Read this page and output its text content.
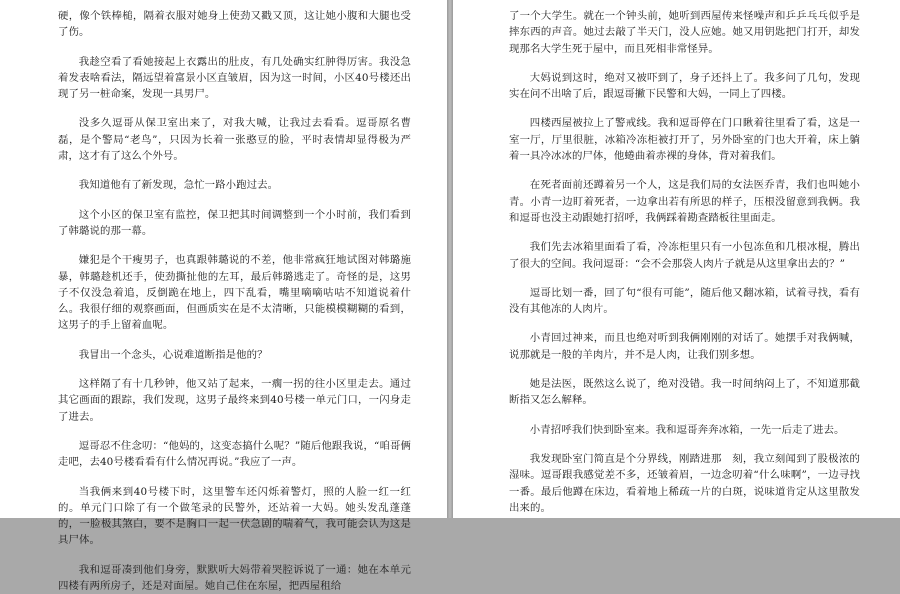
硬，像个铁棒槌，隔着衣服对她身上使劲又戳又顶，这让她小腹和大腿也受了伤。

我趁空看了看她接起上衣露出的肚皮，有几处确实红肿得厉害。我没急着发表啥看法，隔远望着富景小区直皱眉，因为这一时间，小区40号楼还出现了另一桩命案，发现一具男尸。

没多久逗哥从保卫室出来了，对我大喊，让我过去看看。逗哥原名曹磊，是个警局“老鸟”，只因为长着一张憨豆的脸，平时表情却显得极为严肃，这才有了这么个外号。

我知道他有了新发现，急忙一路小跑过去。

这个小区的保卫室有监控，保卫把其时间调整到一个小时前，我们看到了韩璐说的那一幕。

嫌犯是个干瘦男子，也真跟韩璐说的不差，他非常疯狂地试图对韩璐施暴，韩璐趁机还手，使劲撕扯他的左耳，最后韩璐逃走了。奇怪的是，这男子不仅没急着追，反倒跪在地上，四下乱看，嘴里嘀嘀咕咕不知道说着什么。我很仔细的观察画面，但画质实在是不太清晰，只能模模糊糊的看到，这男子的手上留着血呢。

我冒出一个念头，心说难道断指是他的？

这样隔了有十几秒钟，他又站了起来，一瘸一拐的往小区里走去。通过其它画面的跟踪，我们发现，这男子最终来到40号楼一单元门口，一闪身走了进去。

逗哥忍不住念叨：“他妈的，这变态搞什么呢？”随后他跟我说，“咱哥俩走吧，去40号楼看看有什么情况再说。”我应了一声。

当我俩来到40号楼下时，这里警车还闪烁着警灯，照的人脸一红一红的。单元门口除了有一个做笔录的民警外，还站着一大妈。她头发乱蓬蓬的，一脸极其煞白，要不是胸口一起一伏急剧的喘着气，我可能会认为这是　具尸体。

我和逗哥凑到他们身旁，默默听大妈带着哭腔诉说了一通：她在本单元四楼有两所房子，还是对面屋。她自己住在东屋，把西屋租给

了一个大学生。就在一个钟头前，她听到西屋传来怪噪声和乒乒乓乓似乎是摔东西的声音。她过去敲了半天门，没人应她。她又用钥匙把门打开，却发现那名大学生死于屋中，而且死相非常怪异。

大妈说到这时，绝对又被吓到了，身子还抖上了。我多问了几句，发现实在问不出啥了后，跟逗哥撇下民警和大妈，一同上了四楼。

四楼西屋被拉上了警戒线。我和逗哥停在门口瞅着往里看了看，这是一室一厅，厅里很脏，冰箱冷冻柜被打开了，另外卧室的门也大开着，床上躺着一具冷冰冰的尸体，他蜷曲着赤裸的身体，背对着我们。

在死者面前还蹲着另一个人，这是我们局的女法医乔青，我们也叫她小青。小青一边盯着死者，一边拿出若有所思的样子，压根没留意到我俩。我和逗哥也没主动跟她打招呼，我俩踩着勘查踏板往里面走。

我们先去冰箱里面看了看，冷冻柜里只有一小包冻鱼和几根冰棍，腾出了很大的空间。我问逗哥：“会不会那袋人肉片子就是从这里拿出去的？”

逗哥比划一番，回了句“很有可能”，随后他又翻冰箱，试着寻找，看有没有其他冻的人肉片。

小青回过神来，而且也绝对听到我俩刚刚的对话了。她摆手对我俩喊，说那就是一般的羊肉片，并不是人肉，让我们别多想。

她是法医，既然这么说了，绝对没错。我一时间纳闷上了，不知道那截断指又怎么解释。

小青招呼我们快到卧室来。我和逗哥奔奔冰箱，一先一后走了进去。

我发现卧室门简直是个分界线，刚踏进那　刻，我立刻闻到了股极浓的湿味。逗哥跟我感觉差不多，还皱着眉，一边念叨着“什么味啊”，一边寻找一番。最后他蹲在床边，看着地上稀疏一片的白斑，说味道肯定从这里散发出来的。
